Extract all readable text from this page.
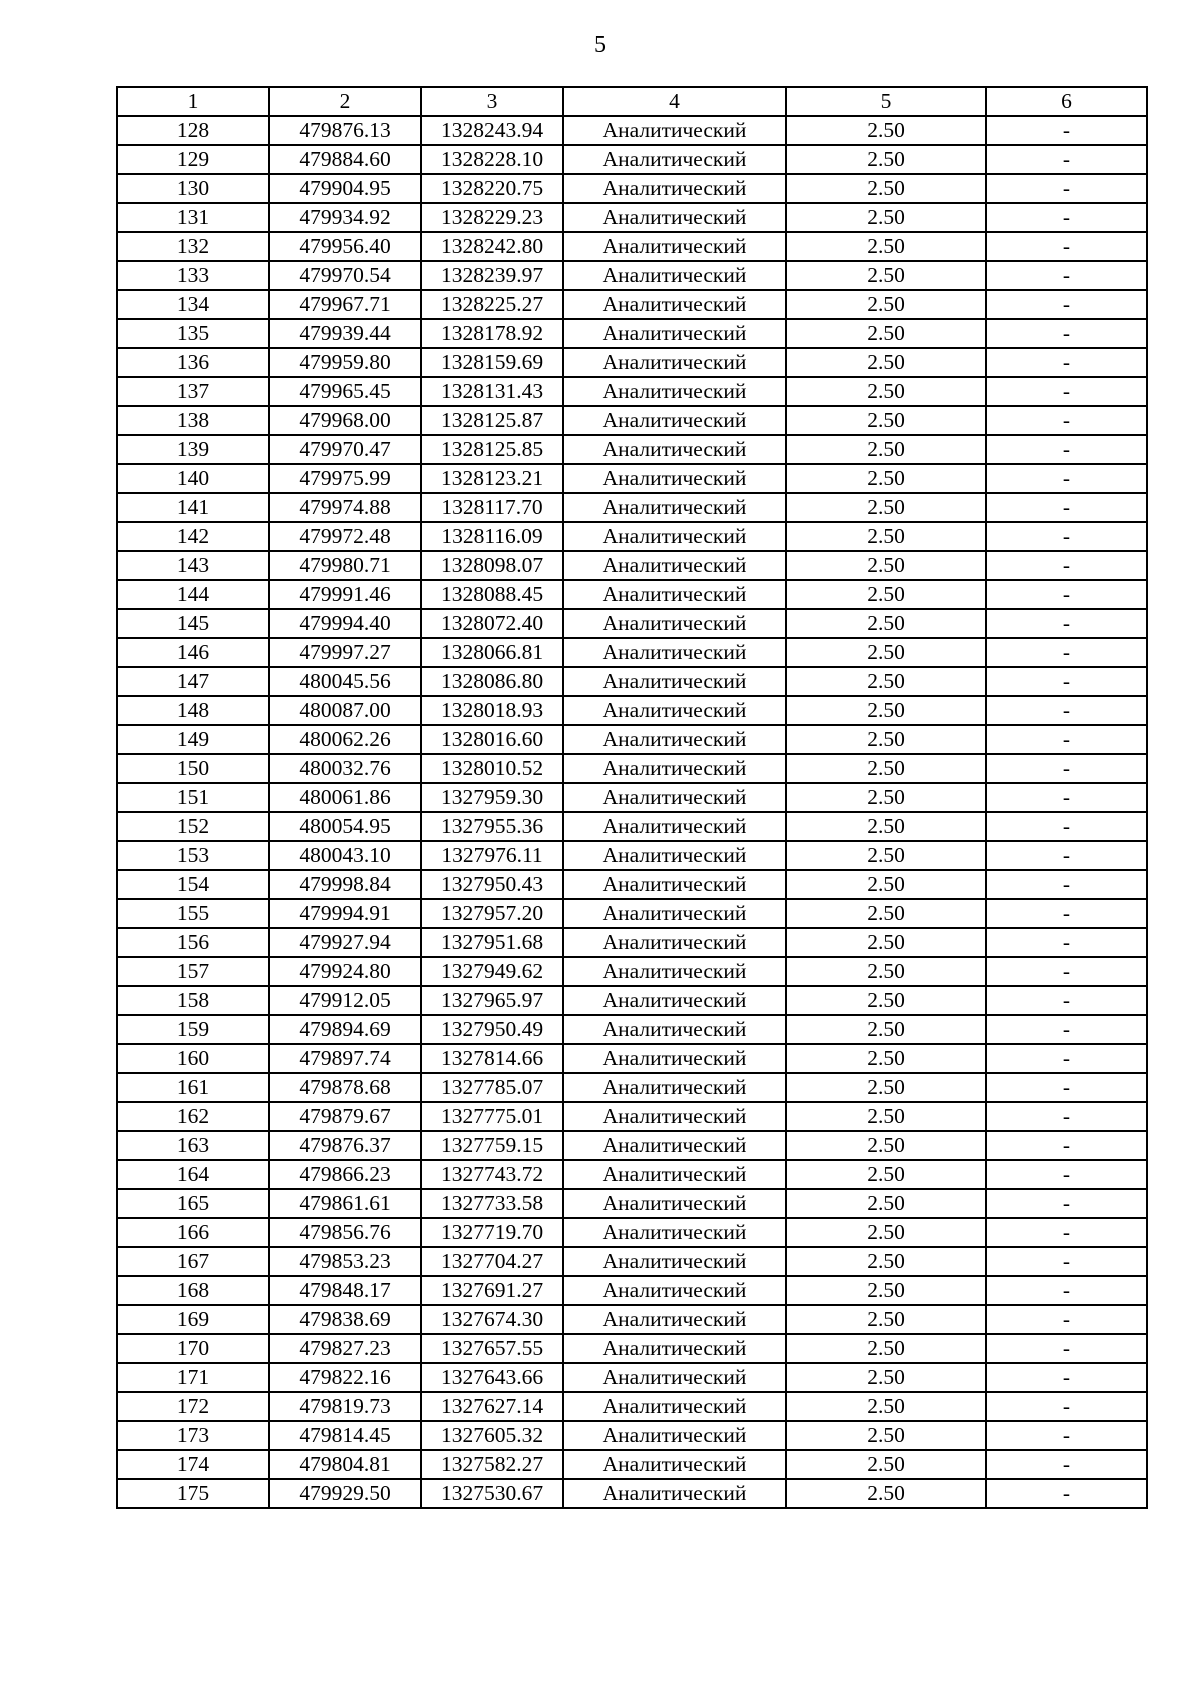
5
1	2	3	4	5	6
128	479876.13	1328243.94	Аналитический	2.50	-
129	479884.60	1328228.10	Аналитический	2.50	-
130	479904.95	1328220.75	Аналитический	2.50	-
131	479934.92	1328229.23	Аналитический	2.50	-
132	479956.40	1328242.80	Аналитический	2.50	-
133	479970.54	1328239.97	Аналитический	2.50	-
134	479967.71	1328225.27	Аналитический	2.50	-
135	479939.44	1328178.92	Аналитический	2.50	-
136	479959.80	1328159.69	Аналитический	2.50	-
137	479965.45	1328131.43	Аналитический	2.50	-
138	479968.00	1328125.87	Аналитический	2.50	-
139	479970.47	1328125.85	Аналитический	2.50	-
140	479975.99	1328123.21	Аналитический	2.50	-
141	479974.88	1328117.70	Аналитический	2.50	-
142	479972.48	1328116.09	Аналитический	2.50	-
143	479980.71	1328098.07	Аналитический	2.50	-
144	479991.46	1328088.45	Аналитический	2.50	-
145	479994.40	1328072.40	Аналитический	2.50	-
146	479997.27	1328066.81	Аналитический	2.50	-
147	480045.56	1328086.80	Аналитический	2.50	-
148	480087.00	1328018.93	Аналитический	2.50	-
149	480062.26	1328016.60	Аналитический	2.50	-
150	480032.76	1328010.52	Аналитический	2.50	-
151	480061.86	1327959.30	Аналитический	2.50	-
152	480054.95	1327955.36	Аналитический	2.50	-
153	480043.10	1327976.11	Аналитический	2.50	-
154	479998.84	1327950.43	Аналитический	2.50	-
155	479994.91	1327957.20	Аналитический	2.50	-
156	479927.94	1327951.68	Аналитический	2.50	-
157	479924.80	1327949.62	Аналитический	2.50	-
158	479912.05	1327965.97	Аналитический	2.50	-
159	479894.69	1327950.49	Аналитический	2.50	-
160	479897.74	1327814.66	Аналитический	2.50	-
161	479878.68	1327785.07	Аналитический	2.50	-
162	479879.67	1327775.01	Аналитический	2.50	-
163	479876.37	1327759.15	Аналитический	2.50	-
164	479866.23	1327743.72	Аналитический	2.50	-
165	479861.61	1327733.58	Аналитический	2.50	-
166	479856.76	1327719.70	Аналитический	2.50	-
167	479853.23	1327704.27	Аналитический	2.50	-
168	479848.17	1327691.27	Аналитический	2.50	-
169	479838.69	1327674.30	Аналитический	2.50	-
170	479827.23	1327657.55	Аналитический	2.50	-
171	479822.16	1327643.66	Аналитический	2.50	-
172	479819.73	1327627.14	Аналитический	2.50	-
173	479814.45	1327605.32	Аналитический	2.50	-
174	479804.81	1327582.27	Аналитический	2.50	-
175	479929.50	1327530.67	Аналитический	2.50	-
